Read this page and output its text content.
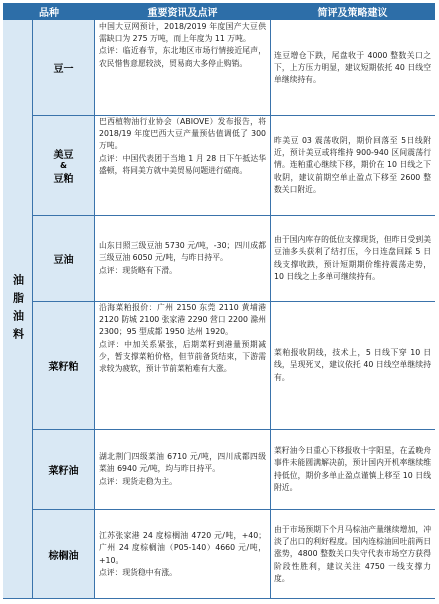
品种	重要资讯及点评	简评及策略建议
油脂油料
豆一

中国大豆网预计，2018/2019 年度国产大豆供需缺口为 275 万吨，而上年度为 11 万吨。

点评：临近春节，东北地区市场行情接近尾声，农民惜售意愿较淡，贸易商大多停止购销。

连豆增仓下跌，尾盘收于 4000 整数关口之下，上方压力明显，建议短期依托 40 日线空单继续持有。

美豆
&
豆粕

巴西植物油行业协会（ABIOVE）发布报告，将 2018/19 年度巴西大豆产量预估值调低了 300 万吨。

点评：中国代表团于当地 1 月 28 日下午抵达华盛顿，将同美方就中美贸易问题进行磋商。

昨美豆 03 震荡收阴，期价回落至 5日线附近，预计美豆或将维持 900-940 区间震荡行情。连粕重心继续下移，期价在 10 日线之下收阴，建议前期空单止盈点下移至 2600 整数关口附近。

豆油

山东日照三级豆油 5730 元/吨，-30；四川成都三级豆油 6050 元/吨，与昨日持平。

点评：现货略有下滑。

由于国内库存的低位支撑现货，但昨日受到美豆油多头获利了结打压，今日连盘回踩 5 日线支撑收跌，预计短期期价维持震荡走势，10 日线之上多单可继续持有。

菜籽粕

沿海菜粕报价：广州 2150 东莞 2110 黄埔港 2120 防城 2100 张家港 2290 营口 2200 滁州 2300；95 型成都 1950 达州 1920。

点评：中加关系紧张，后期菜籽到港量预期减少，暂支撑菜粕价格，但节前备货结束，下游需求较为疲软，预计节前菜粕难有大涨。

菜粕报收阴线，技术上，5 日线下穿 10 日线，呈现死叉，建议依托 40 日线空单继续持有。

菜籽油

湖北荆门四级菜油 6710 元/吨，四川成都四级菜油 6940 元/吨，均与昨日持平。

点评：现货走稳为主。

菜籽油今日重心下移报收十字阳星，在孟晚舟事件未能圆满解决前，预计国内开机率继续维持低位，期价多单止盈点谨慎上移至 10 日线附近。

棕榈油

江苏张家港 24 度棕榈油 4720 元/吨，+40；广州 24 度棕榈油（P05-140）4660 元/吨，+10。

点评：现货稳中有涨。

由于市场预期下个月马棕油产量继续增加，冲淡了出口的利好程度。国内连棕油回吐前两日涨势，4800 整数关口失守代表市场空方获得阶段性胜利，建议关注 4750 一线支撑力度。
